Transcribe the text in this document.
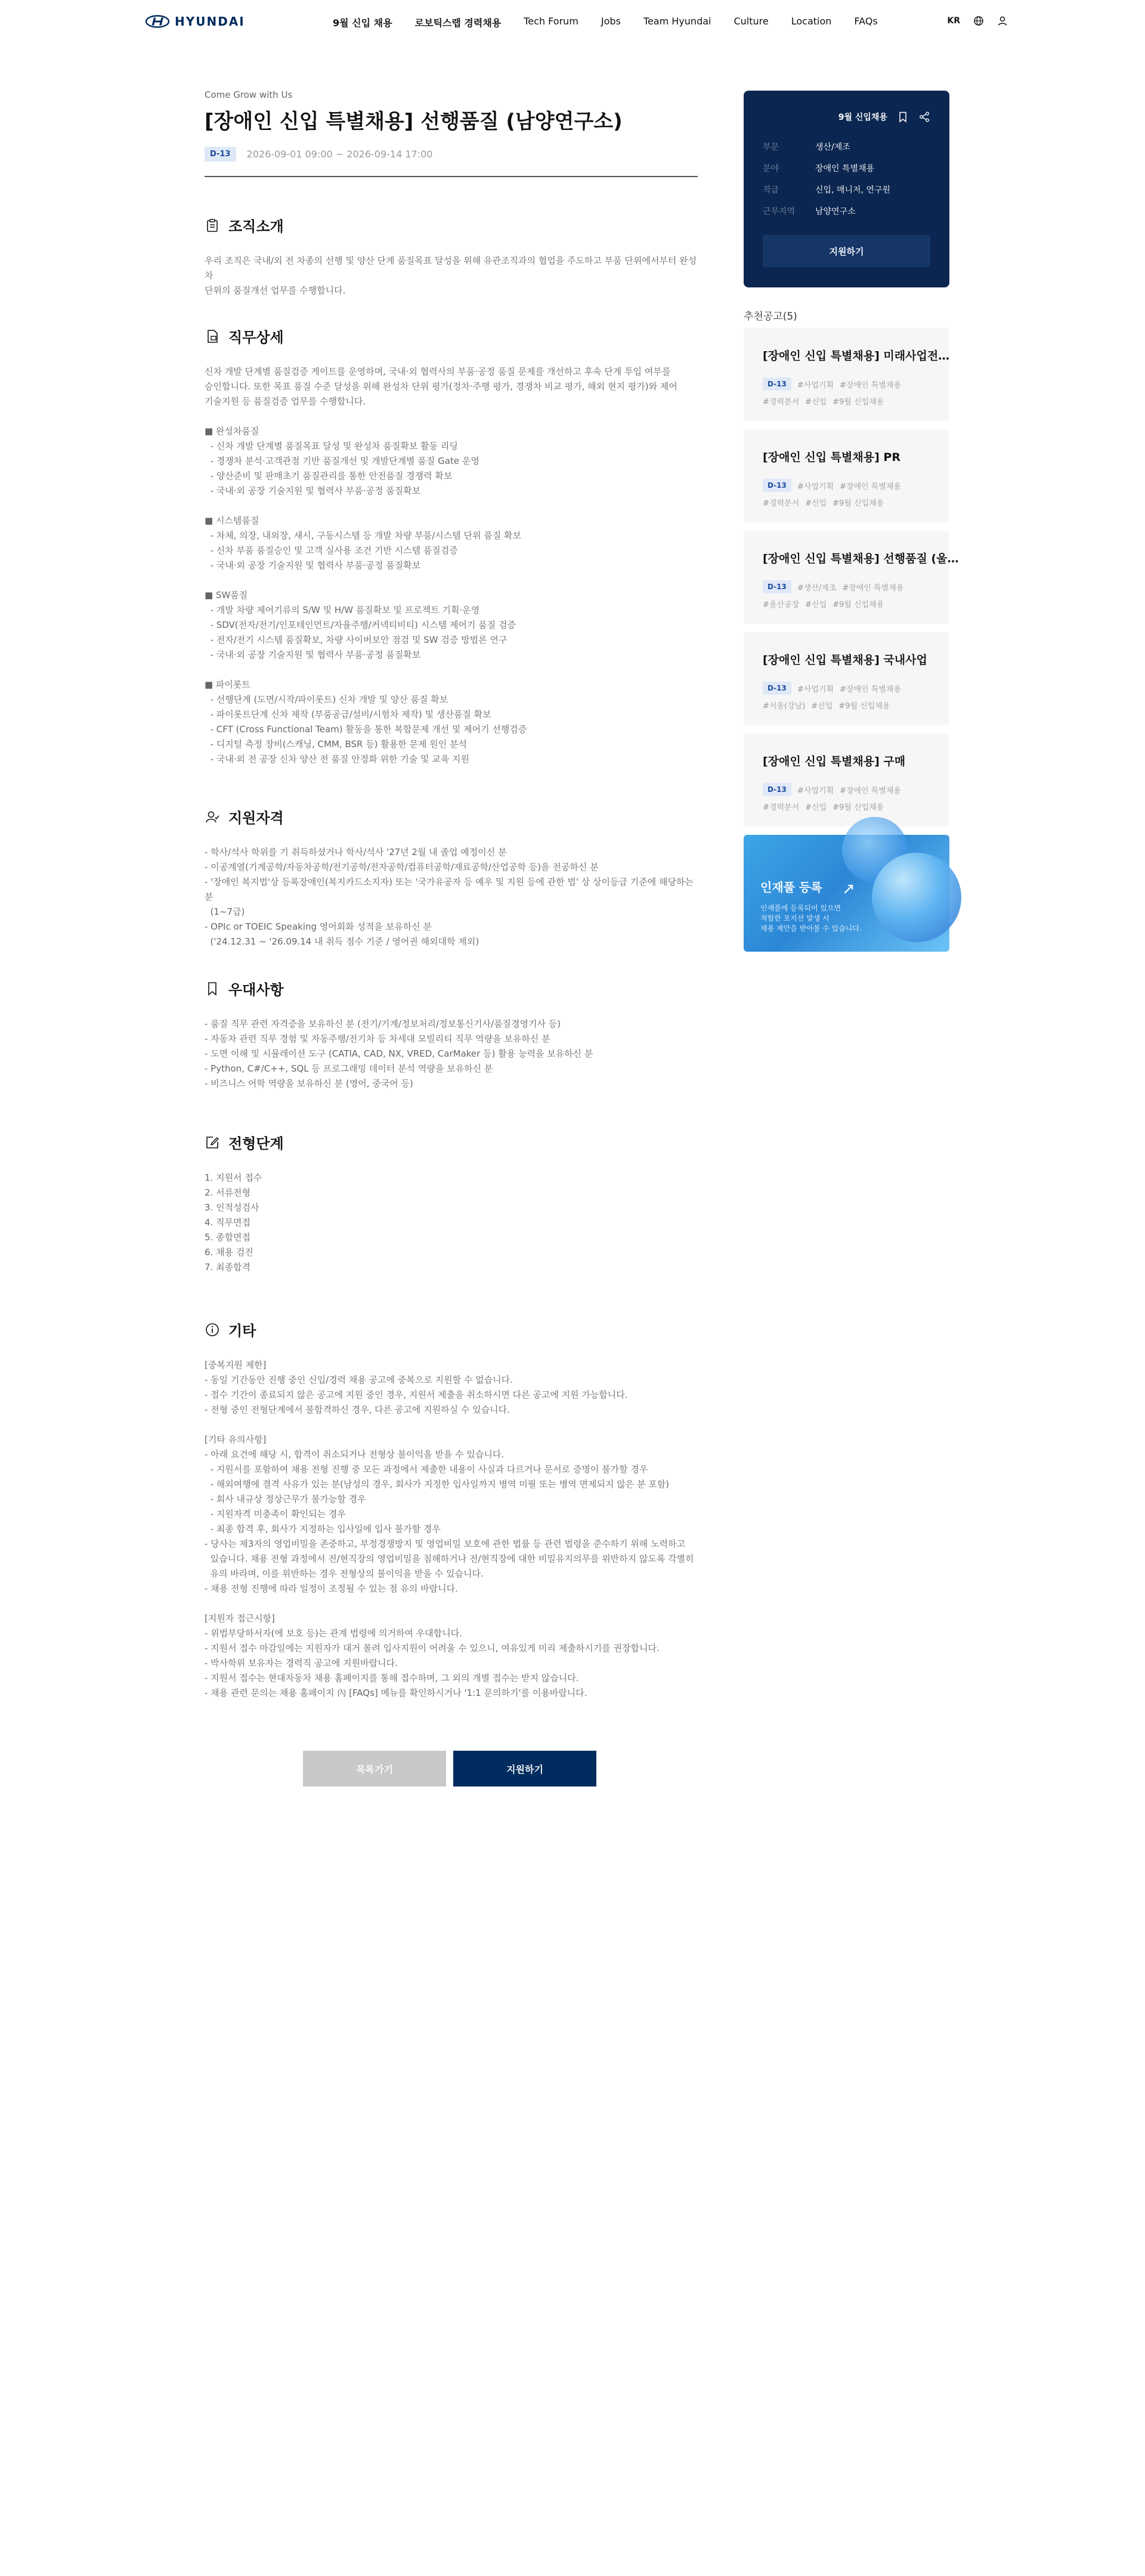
HYUNDAI	9월 신입 채용 로보틱스랩 경력채용 Tech Forum Jobs Team Hyundai Culture Location FAQs	KR
Come Grow with Us
[장애인 신입 특별채용] 선행품질 (남양연구소)
D-13	2026-09-01 09:00 ~ 2026-09-14 17:00
조직소개

우리 조직은 국내/외 전 차종의 선행 및 양산 단계 품질목표 달성을 위해 유관조직과의 협업을 주도하고 부품 단위에서부터 완성차

단위의 품질개선 업무를 수행합니다.

직무상세

신차 개발 단계별 품질검증 게이트를 운영하며, 국내·외 협력사의 부품·공정 품질 문제를 개선하고 후속 단계 투입 여부를

승인합니다. 또한 목표 품질 수준 달성을 위해 완성차 단위 평가(정차·주행 평가, 경쟁차 비교 평가, 해외 현지 평가)와 제어

기술지원 등 품질검증 업무를 수행합니다.

■ 완성차품질

- 신차 개발 단계별 품질목표 달성 및 완성차 품질확보 활동 리딩

- 경쟁차 분석·고객관점 기반 품질개선 및 개발단계별 품질 Gate 운영

- 양산준비 및 판매초기 품질관리를 통한 안전품질 경쟁력 확보

- 국내·외 공장 기술지원 및 협력사 부품·공정 품질확보

■ 시스템품질

- 차체, 의장, 내외장, 섀시, 구동시스템 등 개발 차량 부품/시스템 단위 품질 확보

- 신차 부품 품질승인 및 고객 실사용 조건 기반 시스템 품질검증

- 국내·외 공장 기술지원 및 협력사 부품·공정 품질확보

■ SW품질

- 개발 차량 제어기류의 S/W 및 H/W 품질확보 및 프로젝트 기획·운영

- SDV(전자/전기/인포테인먼트/자율주행/커넥티비티) 시스템 제어기 품질 검증

- 전자/전기 시스템 품질확보, 차량 사이버보안 점검 및 SW 검증 방법론 연구

- 국내·외 공장 기술지원 및 협력사 부품·공정 품질확보

■ 파이롯트

- 선행단계 (도면/시작/파이롯트) 신차 개발 및 양산 품질 확보

- 파이롯트단계 신차 제작 (부품공급/설비/시험차 제작) 및 생산품질 확보

- CFT (Cross Functional Team) 활동을 통한 복합문제 개선 및 제어기 선행검증

- 디지털 측정 장비(스캐닝, CMM, BSR 등) 활용한 문제 원인 분석

- 국내·외 전 공장 신차 양산 전 품질 안정화 위한 기술 및 교육 지원

지원자격

- 학사/석사 학위를 기 취득하셨거나 학사/석사 '27년 2월 내 졸업 예정이신 분

- 이공계열(기계공학/자동차공학/전기공학/전자공학/컴퓨터공학/재료공학/산업공학 등)을 전공하신 분

- '장애인 복지법'상 등록장애인(복지카드소지자) 또는 '국가유공자 등 예우 및 지원 등에 관한 법' 상 상이등급 기준에 해당하는 분

(1~7급)

- OPIc or TOEIC Speaking 영어회화 성적을 보유하신 분

('24.12.31 ~ '26.09.14 내 취득 점수 기준 / 영어권 해외대학 제외)

우대사항

- 품질 직무 관련 자격증을 보유하신 분 (전기/기계/정보처리/정보통신기사/품질경영기사 등)

- 자동차 관련 직무 경험 및 자동주행/전기차 등 차세대 모빌리티 직무 역량을 보유하신 분

- 도면 이해 및 시뮬레이션 도구 (CATIA, CAD, NX, VRED, CarMaker 등) 활용 능력을 보유하신 분

- Python, C#/C++, SQL 등 프로그래밍 데이터 분석 역량을 보유하신 분

- 비즈니스 어학 역량을 보유하신 분 (영어, 중국어 등)

전형단계

1. 지원서 접수

2. 서류전형

3. 인적성검사

4. 직무면접

5. 종합면접

6. 채용 검진

7. 최종합격

기타

[중복지원 제한]

- 동일 기간동안 진행 중인 신입/경력 채용 공고에 중복으로 지원할 수 없습니다.

- 접수 기간이 종료되지 않은 공고에 지원 중인 경우, 지원서 제출을 취소하시면 다른 공고에 지원 가능합니다.

- 전형 중인 전형단계에서 불합격하신 경우, 다른 공고에 지원하실 수 있습니다.

[기타 유의사항]

- 아래 요건에 해당 시, 합격이 취소되거나 전형상 불이익을 받을 수 있습니다.

- 지원서를 포함하여 채용 전형 진행 중 모든 과정에서 제출한 내용이 사실과 다르거나 문서로 증명이 불가할 경우

- 해외여행에 결격 사유가 있는 분(남성의 경우, 회사가 지정한 입사일까지 병역 미필 또는 병역 면제되지 않은 분 포함)

- 회사 내규상 정상근무가 불가능할 경우

- 지원자격 미충족이 확인되는 경우

- 최종 합격 후, 회사가 지정하는 입사일에 입사 불가할 경우

- 당사는 제3자의 영업비밀을 존중하고, 부정경쟁방지 및 영업비밀 보호에 관한 법률 등 관련 법령을 준수하기 위해 노력하고

있습니다. 채용 전형 과정에서 전/현직장의 영업비밀을 침해하거나 전/현직장에 대한 비밀유지의무를 위반하지 않도록 각별히

유의 바라며, 이를 위반하는 경우 전형상의 불이익을 받을 수 있습니다.

- 채용 전형 진행에 따라 일정이 조정될 수 있는 점 유의 바랍니다.

[지원자 접근시항]

- 위법부당하서자(에 보호 등)는 관계 법령에 의거하여 우대합니다.

- 지원서 접수 마감일에는 지원자가 대거 몰려 입사지원이 어려울 수 있으니, 여유있게 미리 제출하시기를 권장합니다.

- 박사학위 보유자는 경력직 공고에 지원바랍니다.

- 지원서 접수는 현대자동차 채용 홈페이지를 통해 접수하며, 그 외의 개별 접수는 받지 않습니다.

- 채용 관련 문의는 채용 홈페이지 內 [FAQs] 메뉴를 확인하시거나 '1:1 문의하기'를 이용바랍니다.

목록가기	지원하기
9월 신입채용
부문	생산/제조
분야	장애인 특별채용
직급	신입, 매니저, 연구원
근무지역	남양연구소
지원하기
추천공고(5)
[장애인 신입 특별채용] 미래사업전…
D-13	#사업기획 #장애인 특별채용
#경력분서 #신입 #9월 신입채용
[장애인 신입 특별채용] PR
D-13	#사업기획 #장애인 특별채용
#경력분서 #신입 #9월 신입채용
[장애인 신입 특별채용] 선행품질 (울…
D-13	#생산/제조 #장애인 특별채용
#울산공장 #신입 #9월 신입채용
[장애인 신입 특별채용] 국내사업
D-13	#사업기획 #장애인 특별채용
#서울(강남) #신입 #9월 신입채용
[장애인 신입 특별채용] 구매
D-13	#사업기획 #장애인 특별채용
#경력분서 #신입 #9월 신입채용
↗
인재풀 등록
인재풀에 등록되어 있으면
적합한 포지션 발생 시
채용 제안을 받아볼 수 있습니다.
